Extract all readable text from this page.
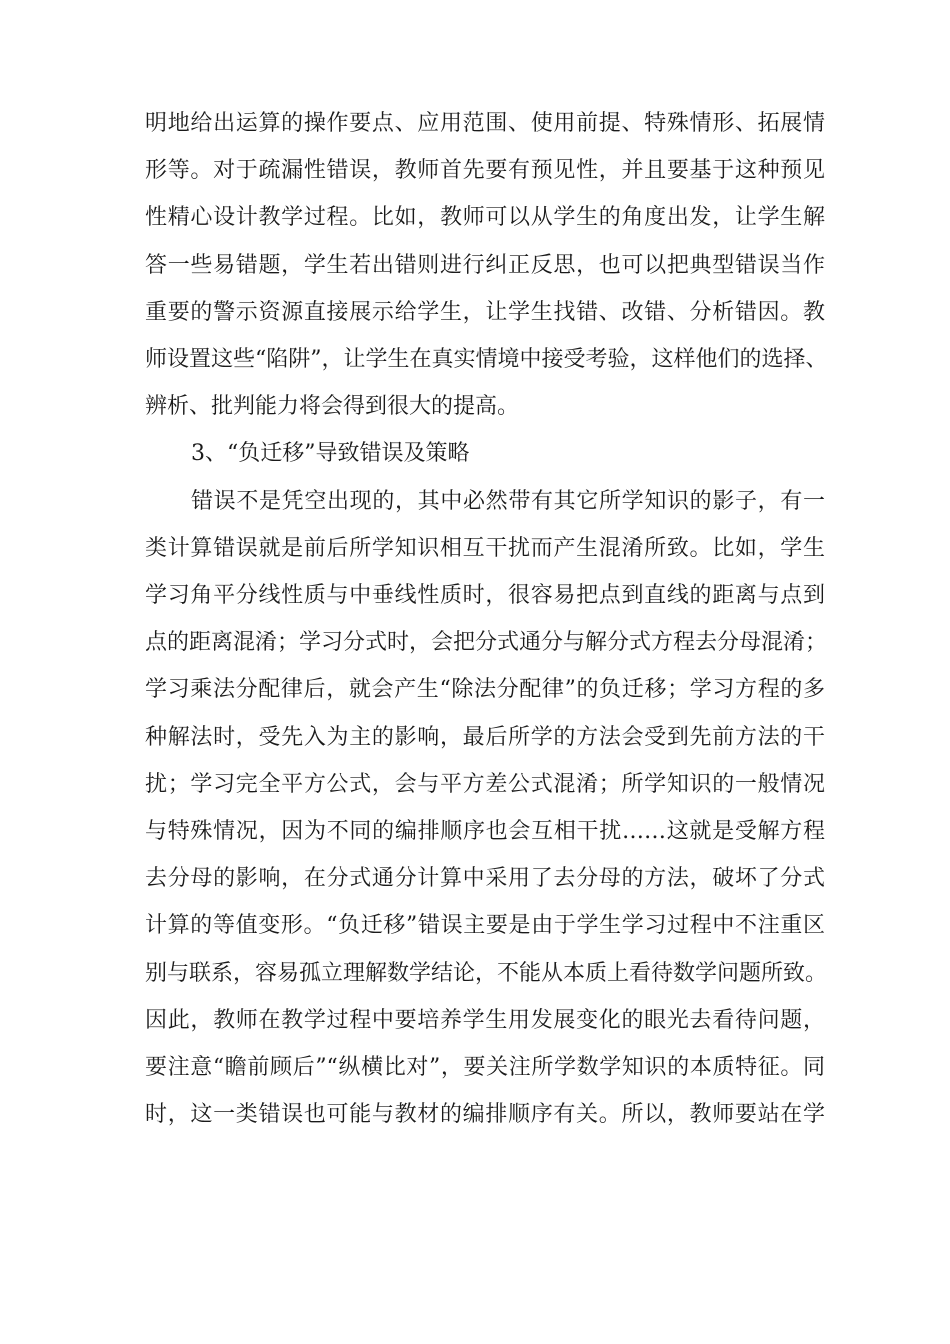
明地给出运算的操作要点、应用范围、使用前提、特殊情形、拓展情
形等。对于疏漏性错误，教师首先要有预见性，并且要基于这种预见
性精心设计教学过程。比如，教师可以从学生的角度出发，让学生解
答一些易错题，学生若出错则进行纠正反思，也可以把典型错误当作
重要的警示资源直接展示给学生，让学生找错、改错、分析错因。教
师设置这些“陷阱”，让学生在真实情境中接受考验，这样他们的选择、
辨析、批判能力将会得到很大的提高。

3、“负迁移”导致错误及策略

错误不是凭空出现的，其中必然带有其它所学知识的影子，有一
类计算错误就是前后所学知识相互干扰而产生混淆所致。比如，学生
学习角平分线性质与中垂线性质时，很容易把点到直线的距离与点到
点的距离混淆；学习分式时，会把分式通分与解分式方程去分母混淆；
学习乘法分配律后，就会产生“除法分配律”的负迁移；学习方程的多
种解法时，受先入为主的影响，最后所学的方法会受到先前方法的干
扰；学习完全平方公式，会与平方差公式混淆；所学知识的一般情况
与特殊情况，因为不同的编排顺序也会互相干扰……这就是受解方程
去分母的影响，在分式通分计算中采用了去分母的方法，破坏了分式
计算的等值变形。“负迁移”错误主要是由于学生学习过程中不注重区
别与联系，容易孤立理解数学结论，不能从本质上看待数学问题所致。
因此，教师在教学过程中要培养学生用发展变化的眼光去看待问题，
要注意“瞻前顾后”“纵横比对”，要关注所学数学知识的本质特征。同
时，这一类错误也可能与教材的编排顺序有关。所以，教师要站在学
